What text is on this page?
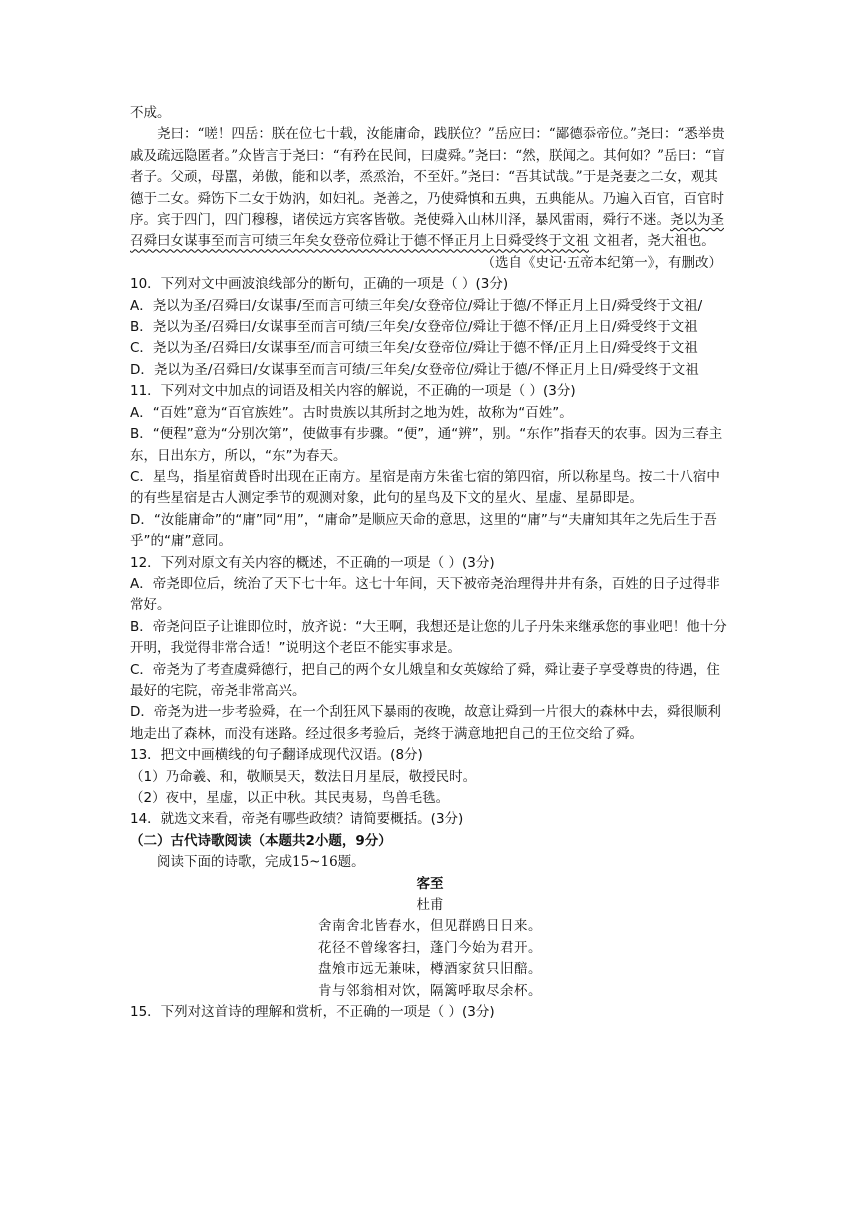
不成。

尧曰：“嗟！四岳：朕在位七十载，汝能庸命，践朕位？”岳应曰：“鄙德忝帝位。”尧曰：“悉举贵戚及疏远隐匿者。”众皆言于尧曰：“有矜在民间，曰虞舜。”尧曰：“然，朕闻之。其何如？”岳曰：“盲者子。父顽，母嚚，弟傲，能和以孝，烝烝治，不至奸。”尧曰：“吾其试哉。”于是尧妻之二女，观其德于二女。舜饬下二女于妫汭，如妇礼。尧善之，乃使舜慎和五典，五典能从。乃遍入百官，百官时序。宾于四门，四门穆穆，诸侯远方宾客皆敬。尧使舜入山林川泽，暴风雷雨，舜行不迷。尧以为圣召舜曰女谋事至而言可绩三年矣女登帝位舜让于德不怿正月上日舜受终于文祖 文祖者，尧大祖也。

（选自《史记·五帝本纪第一》，有删改）

10．下列对文中画波浪线部分的断句，正确的一项是（ ）(3分)

A．尧以为圣/召舜曰/女谋事/至而言可绩三年矣/女登帝位/舜让于德/不怿正月上日/舜受终于文祖/

B．尧以为圣/召舜曰/女谋事至而言可绩/三年矣/女登帝位/舜让于德不怿/正月上日/舜受终于文祖

C．尧以为圣/召舜曰/女谋事至/而言可绩三年矣/女登帝位/舜让于德不怿/正月上日/舜受终于文祖

D．尧以为圣/召舜曰/女谋事至而言可绩/三年矣/女登帝位/舜让于德/不怿正月上日/舜受终于文祖

11．下列对文中加点的词语及相关内容的解说，不正确的一项是（ ）(3分)

A．“百姓”意为“百官族姓”。古时贵族以其所封之地为姓，故称为“百姓”。

B．“便程”意为“分别次第”，使做事有步骤。“便”，通“辨”，别。“东作”指春天的农事。因为三春主东，日出东方，所以，“东”为春天。

C．星鸟，指星宿黄昏时出现在正南方。星宿是南方朱雀七宿的第四宿，所以称星鸟。按二十八宿中的有些星宿是古人测定季节的观测对象，此句的星鸟及下文的星火、星虚、星昴即是。

D．“汝能庸命”的“庸”同“用”，“庸命”是顺应天命的意思，这里的“庸”与“夫庸知其年之先后生于吾乎”的“庸”意同。

12．下列对原文有关内容的概述，不正确的一项是（ ）(3分)

A．帝尧即位后，统治了天下七十年。这七十年间，天下被帝尧治理得井井有条，百姓的日子过得非常好。

B．帝尧问臣子让谁即位时，放齐说：“大王啊，我想还是让您的儿子丹朱来继承您的事业吧！他十分开明，我觉得非常合适！”说明这个老臣不能实事求是。

C．帝尧为了考查虞舜德行，把自己的两个女儿娥皇和女英嫁给了舜，舜让妻子享受尊贵的待遇，住最好的宅院，帝尧非常高兴。

D．帝尧为进一步考验舜，在一个刮狂风下暴雨的夜晚，故意让舜到一片很大的森林中去，舜很顺利地走出了森林，而没有迷路。经过很多考验后，尧终于满意地把自己的王位交给了舜。

13．把文中画横线的句子翻译成现代汉语。(8分)

（1）乃命羲、和，敬顺昊天，数法日月星辰，敬授民时。

（2）夜中，星虚，以正中秋。其民夷易，鸟兽毛毨。

14．就选文来看，帝尧有哪些政绩？请简要概括。(3分)

（二）古代诗歌阅读（本题共2小题，9分）

阅读下面的诗歌，完成15~16题。

客至

杜甫

舍南舍北皆春水，但见群鸥日日来。

花径不曾缘客扫，蓬门今始为君开。

盘飧市远无兼味，樽酒家贫只旧醅。

肯与邻翁相对饮，隔篱呼取尽余杯。

15．下列对这首诗的理解和赏析，不正确的一项是（ ）(3分)
